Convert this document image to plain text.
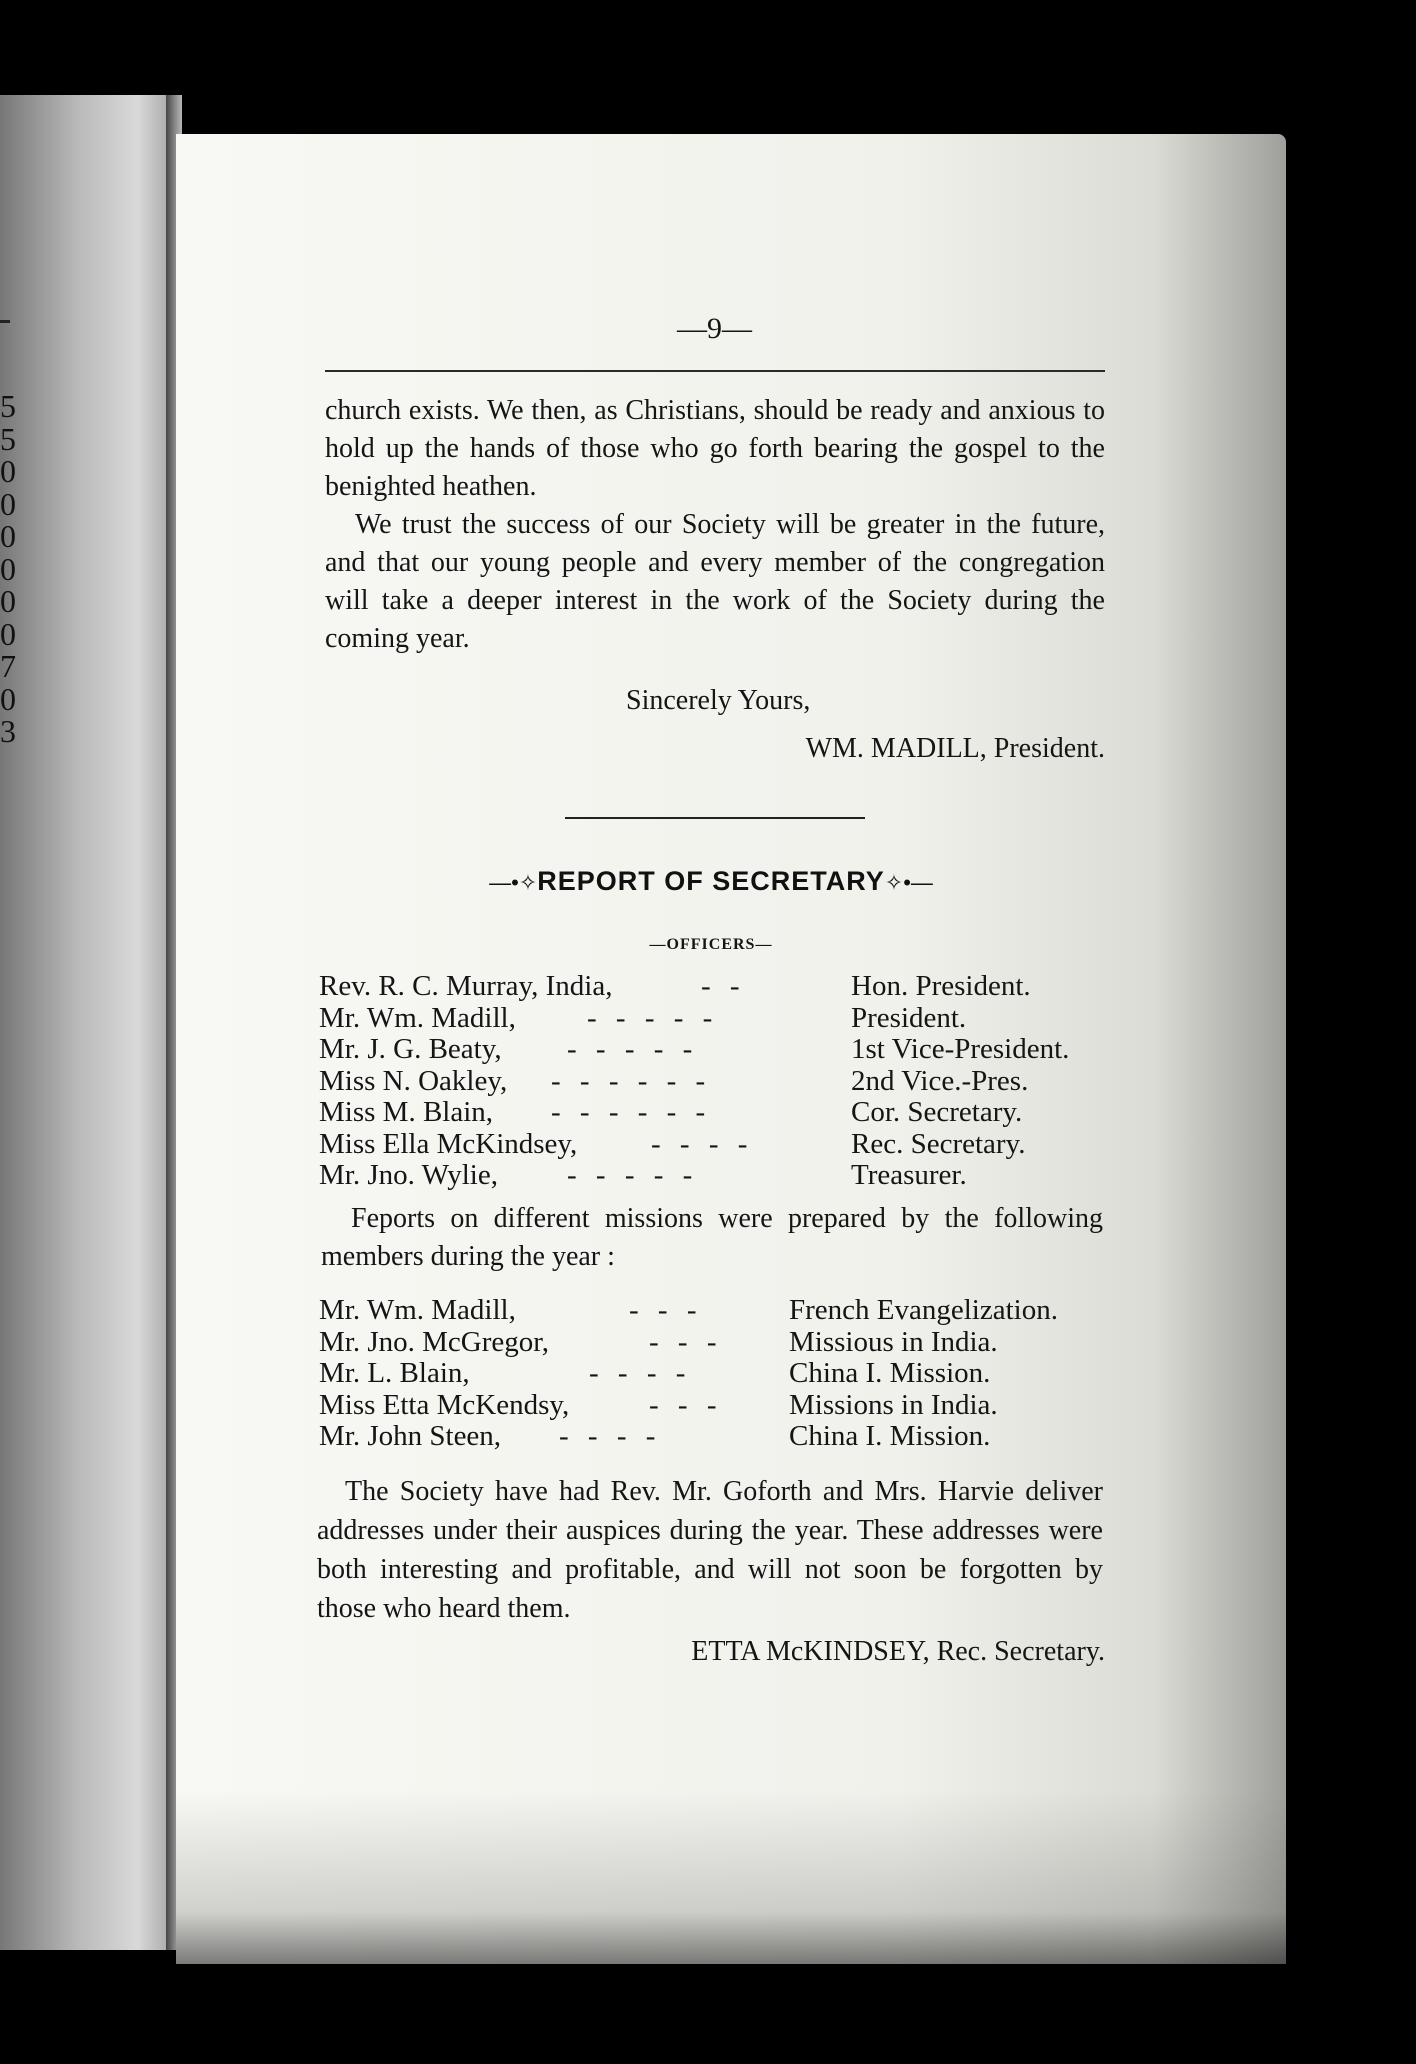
5
5
0
0
0
0
0
0
7
0
3
—9—

church exists. We then, as Christians, should be ready and anxious to hold up the hands of those who go forth bearing the gospel to the benighted heathen.

We trust the success of our Society will be greater in the future, and that our young people and every member of the congregation will take a deeper interest in the work of the Society during the coming year.

Sincerely Yours,
WM. MADILL, President.
—•✧REPORT OF SECRETARY✧•—
—OFFICERS—
Rev. R. C. Murray, India,	- -	Hon. President.
Mr. Wm. Madill, - - - - -	President.
Mr. J. G. Beaty, - - - - -	1st Vice-President.
Miss N. Oakley, - - - - - -	2nd Vice.-Pres.
Miss M. Blain, - - - - - -	Cor. Secretary.
Miss Ella McKindsey,	- - - -	Rec. Secretary.
Mr. Jno. Wylie, - - - - -	Treasurer.

Feports on different missions were prepared by the following members during the year :

Mr. Wm. Madill,	- - -	French Evangelization.
Mr. Jno. McGregor,	- - - Missious in India.
Mr. L. Blain,	- - - -	China I. Mission.
Miss Etta McKendsy,	- - - Missions in India.
Mr. John Steen, - - - -	China I. Mission.

The Society have had Rev. Mr. Goforth and Mrs. Harvie deliver addresses under their auspices during the year. These addresses were both interesting and profitable, and will not soon be forgotten by those who heard them.

ETTA McKINDSEY, Rec. Secretary.
